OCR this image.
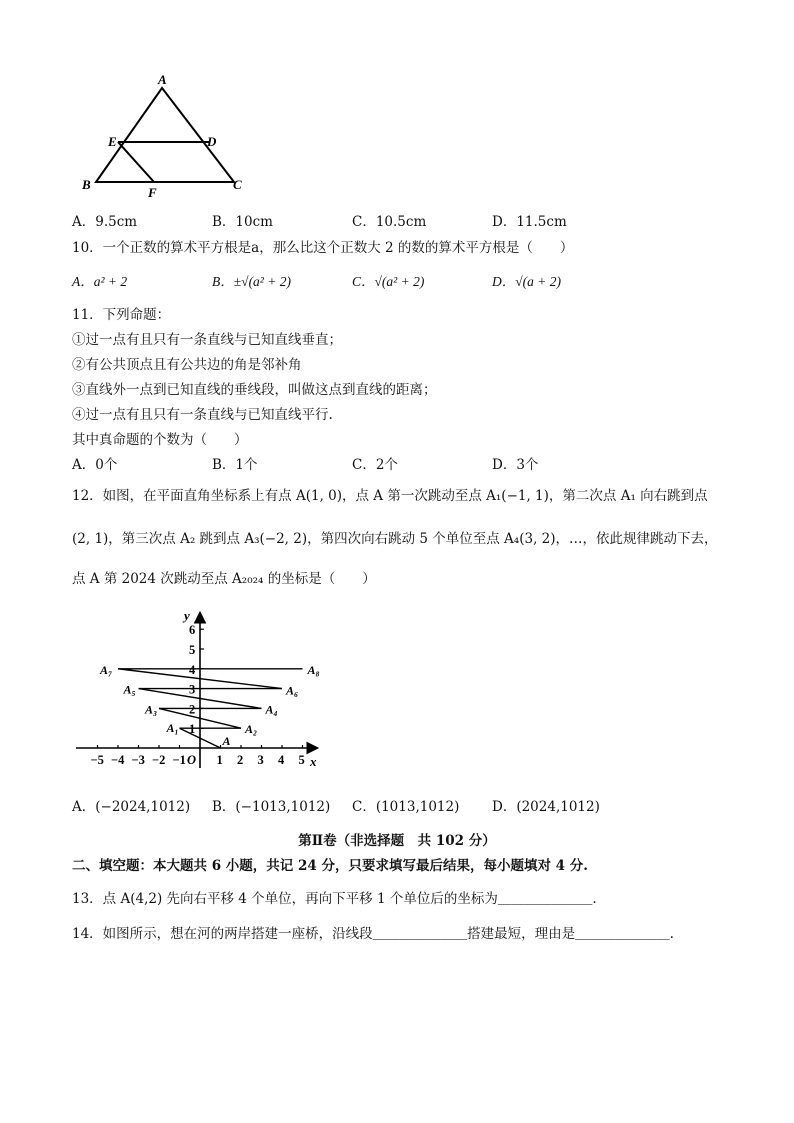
A
E	D
B
F
C
A．9.5cm	B．10cm	C．10.5cm	D．11.5cm
10．一个正数的算术平方根是a，那么比这个正数大 2 的数的算术平方根是（　　）
A．a² + 2	B．±√(a² + 2)	C．√(a² + 2)	D．√(a + 2)
11．下列命题：
①过一点有且只有一条直线与已知直线垂直；
②有公共顶点且有公共边的角是邻补角
③直线外一点到已知直线的垂线段，叫做这点到直线的距离；
④过一点有且只有一条直线与已知直线平行.
其中真命题的个数为（　　）
A．0个	B．1个	C．2个	D．3个
12．如图，在平面直角坐标系上有点 A(1, 0)，点 A 第一次跳动至点 A₁(−1, 1)，第二次点 A₁ 向右跳到点
(2, 1)，第三次点 A₂ 跳到点 A₃(−2, 2)，第四次向右跳动 5 个单位至点 A₄(3, 2)，…，依此规律跳动下去，
点 A 第 2024 次跳动至点 A₂₀₂₄ 的坐标是（　　）
−5 −4 −3 −2 −1 1 2 3 4 5
1
2
3
4
5
6
O	x
y
A
A₁	A₂
A₃	A₄
A₅	A₆
A₇	A₈
A．(−2024,1012) B．(−1013,1012) C．(1013,1012) D．(2024,1012)
第Ⅱ卷（非选择题　共 102 分）
二、填空题：本大题共 6 小题，共记 24 分，只要求填写最后结果，每小题填对 4 分.
13．点 A(4,2) 先向右平移 4 个单位，再向下平移 1 个单位后的坐标为＿＿＿＿＿＿＿.
14．如图所示，想在河的两岸搭建一座桥，沿线段＿＿＿＿＿＿＿搭建最短，理由是＿＿＿＿＿＿＿.
